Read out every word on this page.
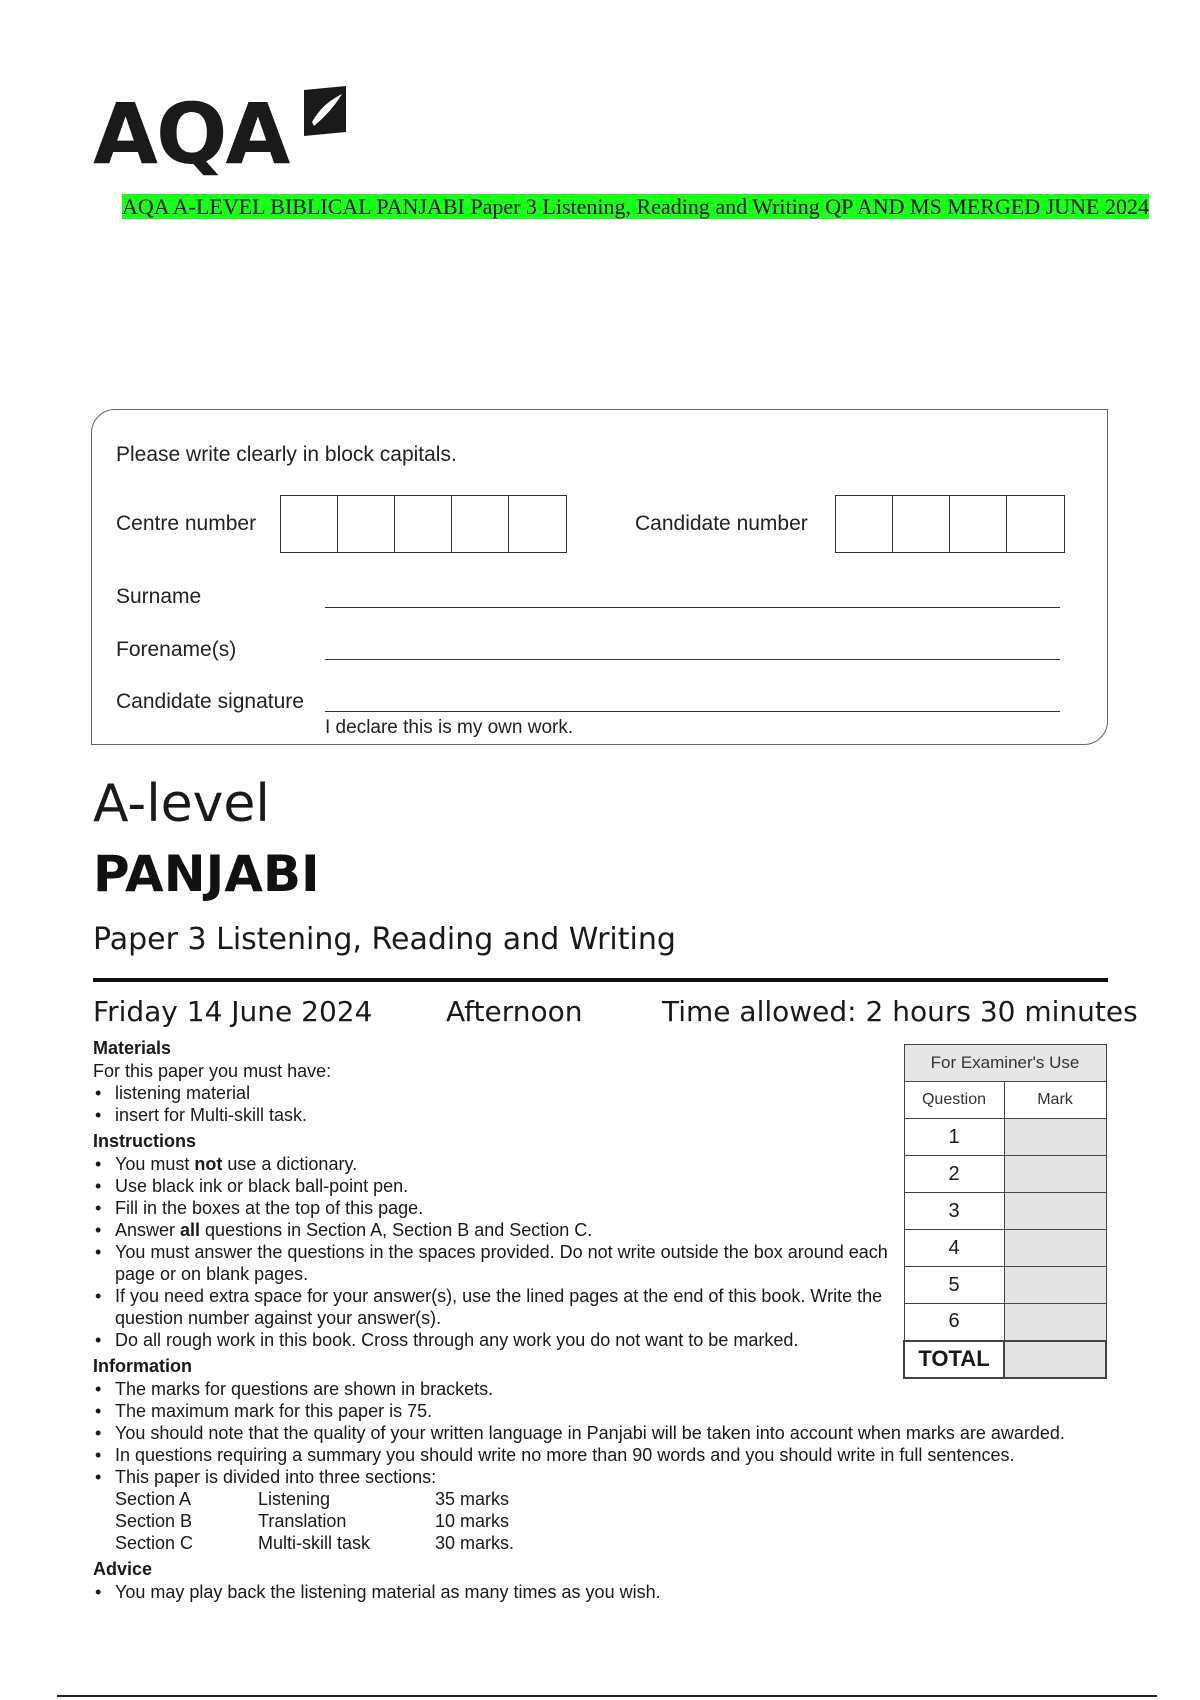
AQA
AQA A-LEVEL BIBLICAL PANJABI Paper 3 Listening, Reading and Writing QP AND MS MERGED JUNE 2024
Please write clearly in block capitals.
Centre number	Candidate number
Surname
Forename(s)
Candidate signature
I declare this is my own work.
A-level
PANJABI
Paper 3 Listening, Reading and Writing
Friday 14 June 2024	Afternoon	Time allowed: 2 hours 30 minutes
Materials
For this paper you must have:
• listening material
• insert for Multi-skill task.
Instructions
• You must not use a dictionary.
• Use black ink or black ball-point pen.
• Fill in the boxes at the top of this page.
• Answer all questions in Section A, Section B and Section C.
• You must answer the questions in the spaces provided. Do not write outside the box around each page or on blank pages.
• If you need extra space for your answer(s), use the lined pages at the end of this book. Write the question number against your answer(s).
• Do all rough work in this book. Cross through any work you do not want to be marked.
Information
• The marks for questions are shown in brackets.
• The maximum mark for this paper is 75.
• You should note that the quality of your written language in Panjabi will be taken into account when marks are awarded.
• In questions requiring a summary you should write no more than 90 words and you should write in full sentences.
• This paper is divided into three sections:
Section A	Listening	35 marks
Section B	Translation	10 marks
Section C	Multi-skill task	30 marks.
Advice
• You may play back the listening material as many times as you wish.
For Examiner's Use	
Question	Mark
1	
2	
3	
4	
5	
6	
TOTAL	
